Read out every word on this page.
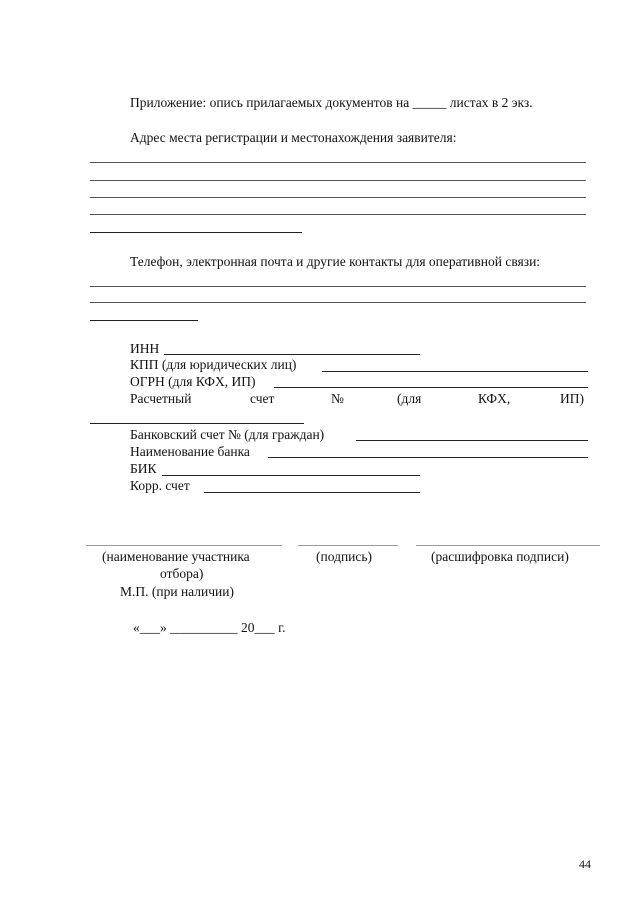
Приложение: опись прилагаемых документов на _____ листах в 2 экз.
Адрес места регистрации и местонахождения заявителя:
Телефон, электронная почта и другие контакты для оперативной связи:
ИНН
КПП (для юридических лиц)
ОГРН (для КФХ, ИП)
Расчетный	счет	№	(для	КФХ,	ИП)
Банковский счет № (для граждан)
Наименование банка
БИК
Корр. счет
(наименование участника
отбора)
(подпись)	(расшифровка подписи)
М.П. (при наличии)
«___» __________ 20___ г.
44
